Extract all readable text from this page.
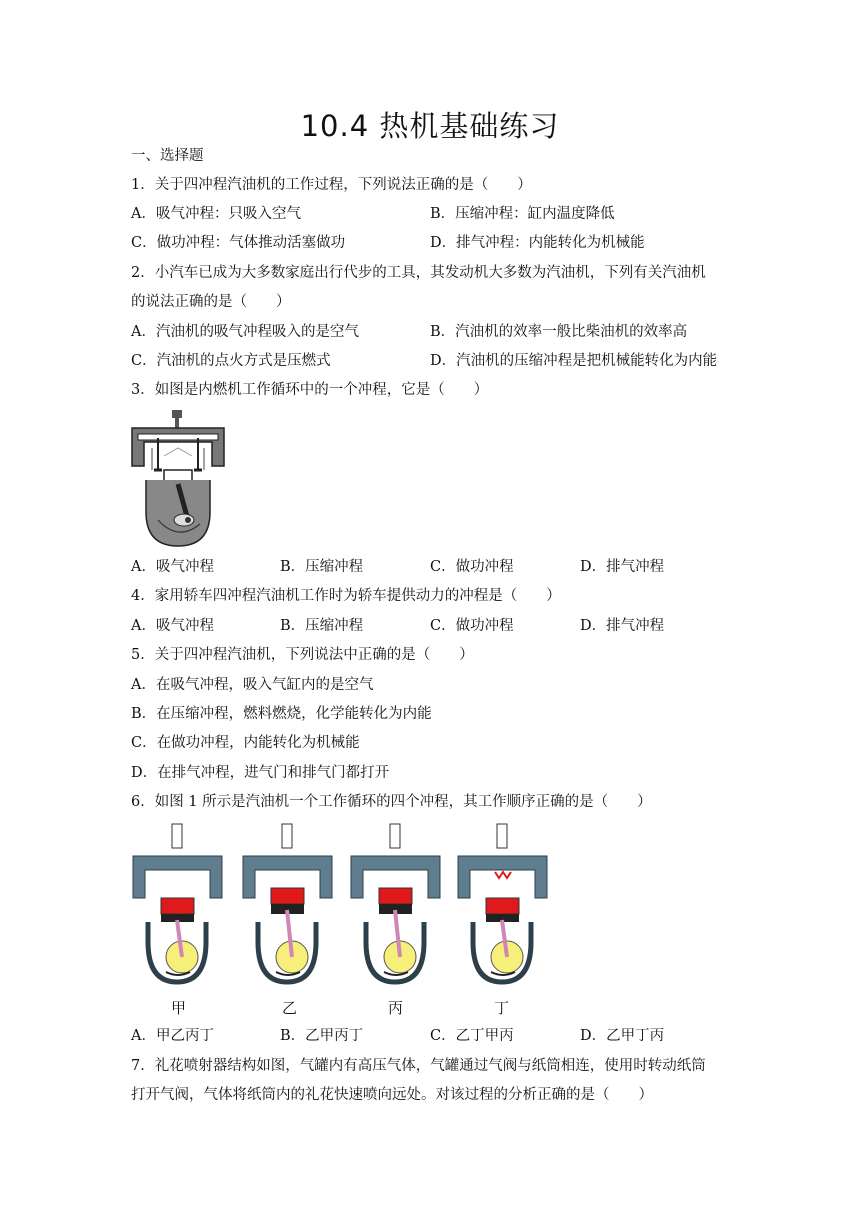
10.4 热机基础练习
一、选择题
1．关于四冲程汽油机的工作过程，下列说法正确的是（　　）
A．吸气冲程：只吸入空气	B．压缩冲程：缸内温度降低
C．做功冲程：气体推动活塞做功	D．排气冲程：内能转化为机械能
2．小汽车已成为大多数家庭出行代步的工具，其发动机大多数为汽油机，下列有关汽油机
的说法正确的是（　　）
A．汽油机的吸气冲程吸入的是空气	B．汽油机的效率一般比柴油机的效率高
C．汽油机的点火方式是压燃式	D．汽油机的压缩冲程是把机械能转化为内能
3．如图是内燃机工作循环中的一个冲程，它是（　　）
A．吸气冲程	B．压缩冲程	C．做功冲程	D．排气冲程
4．家用轿车四冲程汽油机工作时为轿车提供动力的冲程是（　　）
A．吸气冲程	B．压缩冲程	C．做功冲程	D．排气冲程
5．关于四冲程汽油机，下列说法中正确的是（　　）
A．在吸气冲程，吸入气缸内的是空气
B．在压缩冲程，燃料燃烧，化学能转化为内能
C．在做功冲程，内能转化为机械能
D．在排气冲程，进气门和排气门都打开
6．如图 1 所示是汽油机一个工作循环的四个冲程，其工作顺序正确的是（　　）
甲	乙	丙	丁
A．甲乙丙丁	B．乙甲丙丁	C．乙丁甲丙	D．乙甲丁丙
7．礼花喷射器结构如图，气罐内有高压气体，气罐通过气阀与纸筒相连，使用时转动纸筒
打开气阀，气体将纸筒内的礼花快速喷向远处。对该过程的分析正确的是（　　）
